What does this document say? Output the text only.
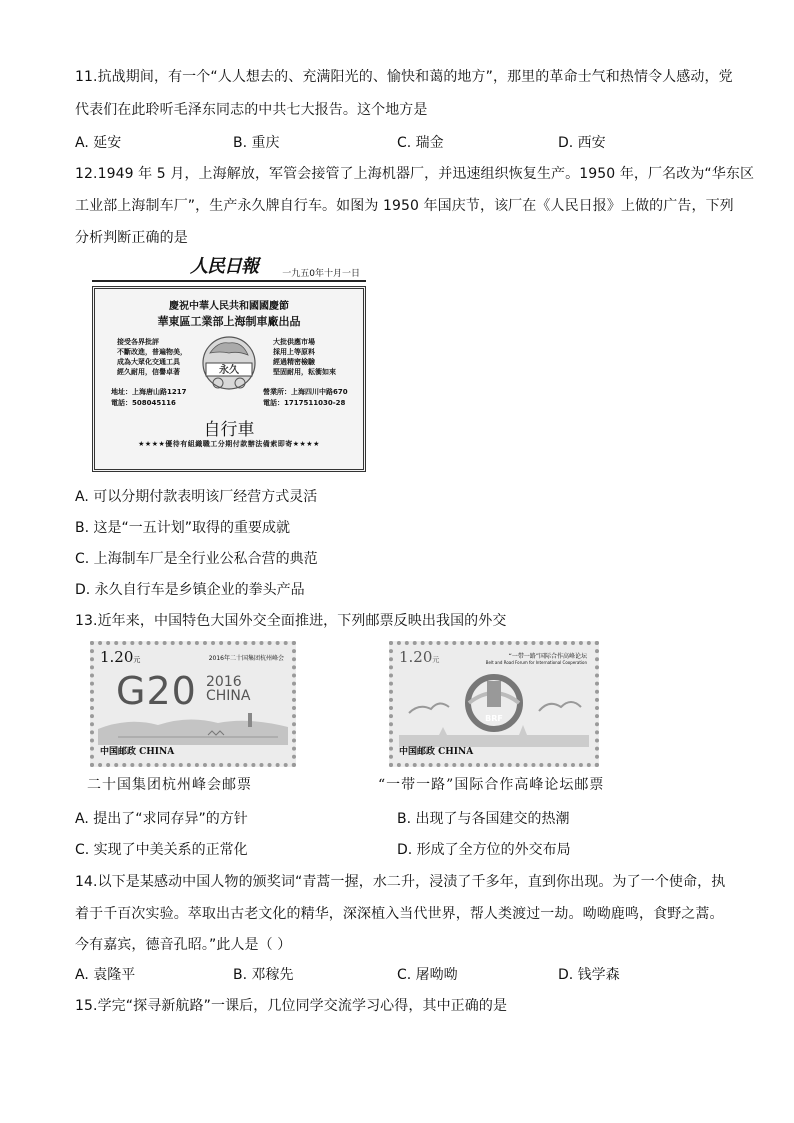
11.抗战期间，有一个“人人想去的、充满阳光的、愉快和蔼的地方”，那里的革命士气和热情令人感动，党
代表们在此聆听毛泽东同志的中共七大报告。这个地方是
A. 延安	B. 重庆	C. 瑞金	D. 西安
12.1949 年 5 月，上海解放，军管会接管了上海机器厂，并迅速组织恢复生产。1950 年，厂名改为“华东区
工业部上海制车厂”，生产永久牌自行车。如图为 1950 年国庆节，该厂在《人民日报》上做的广告，下列
分析判断正确的是
人民日報	一九五0年十月一日
慶祝中華人民共和國國慶節
華東區工業部上海制車廠出品
接受各界批評
不斷改進，普遍物美，
成為大眾化交通工具
經久耐用，信譽卓著
大批供應市場
採用上等原料
經過精密檢驗
堅固耐用，耘衝如來
永久
地址：上海唐山路1217
電話：508045116
營業所：上海四川中路670
電話：1717511030-28
自行車
★★★★優待有組織職工分期付款辦法備索即寄★★★★
A. 可以分期付款表明该厂经营方式灵活
B. 这是“一五计划”取得的重要成就
C. 上海制车厂是全行业公私合营的典范
D. 永久自行车是乡镇企业的拳头产品
13.近年来，中国特色大国外交全面推进，下列邮票反映出我国的外交
1.20元	2016年二十国集团杭州峰会
G20 2016
CHINA
中国邮政 CHINA
二十国集团杭州峰会邮票
1.20元	“一带一路”国际合作高峰论坛
Belt and Road Forum for International Cooperation
BRF
中国邮政 CHINA
“一带一路”国际合作高峰论坛邮票
A. 提出了“求同存异”的方针	B. 出现了与各国建交的热潮
C. 实现了中美关系的正常化	D. 形成了全方位的外交布局
14.以下是某感动中国人物的颁奖词“青蒿一握，水二升，浸渍了千多年，直到你出现。为了一个使命，执
着于千百次实验。萃取出古老文化的精华，深深植入当代世界，帮人类渡过一劫。呦呦鹿鸣，食野之蒿。
今有嘉宾，德音孔昭。”此人是（ ）
A. 袁隆平	B. 邓稼先	C. 屠呦呦	D. 钱学森
15.学完“探寻新航路”一课后，几位同学交流学习心得，其中正确的是
